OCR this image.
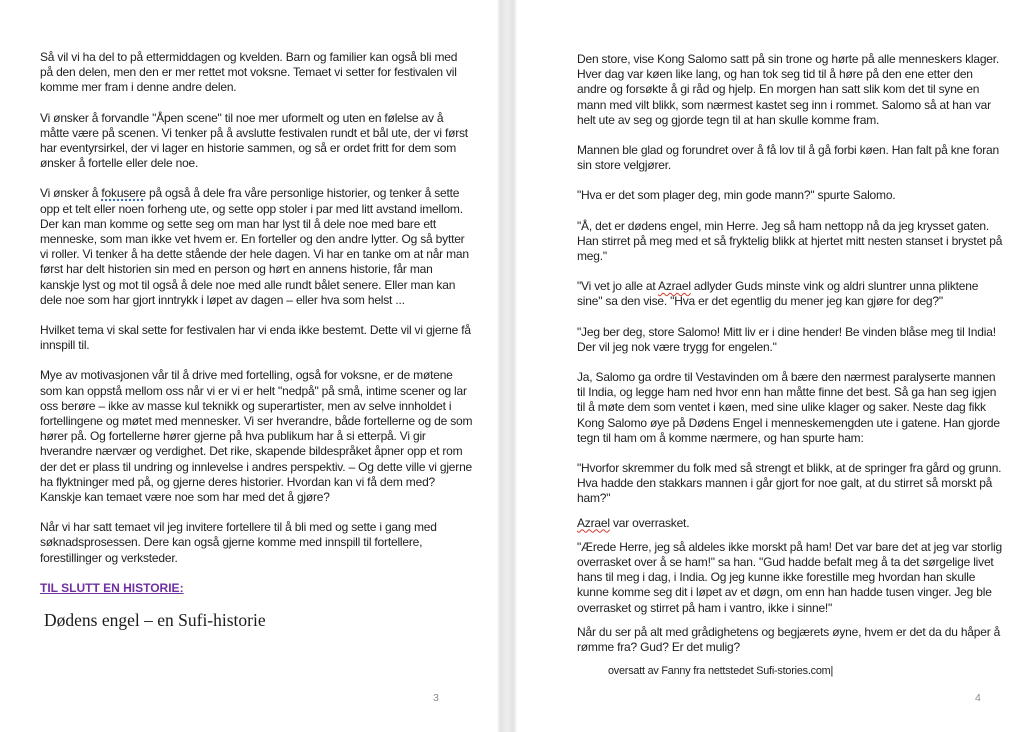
Så vil vi ha del to på ettermiddagen og kvelden. Barn og familier kan også bli med på den delen, men den er mer rettet mot voksne. Temaet vi setter for festivalen vil komme mer fram i denne andre delen.
Vi ønsker å forvandle "Åpen scene" til noe mer uformelt og uten en følelse av å måtte være på scenen. Vi tenker på å avslutte festivalen rundt et bål ute, der vi først har eventyrsirkel, der vi lager en historie sammen, og så er ordet fritt for dem som ønsker å fortelle eller dele noe.
Vi ønsker å fokusere på også å dele fra våre personlige historier, og tenker å sette opp et telt eller noen forheng ute, og sette opp stoler i par med litt avstand imellom. Der kan man komme og sette seg om man har lyst til å dele noe med bare ett menneske, som man ikke vet hvem er. En forteller og den andre lytter. Og så bytter vi roller. Vi tenker å ha dette stående der hele dagen. Vi har en tanke om at når man først har delt historien sin med en person og hørt en annens historie, får man kanskje lyst og mot til også å dele noe med alle rundt bålet senere. Eller man kan dele noe som har gjort inntrykk i løpet av dagen – eller hva som helst ...
Hvilket tema vi skal sette for festivalen har vi enda ikke bestemt. Dette vil vi gjerne få innspill til.
Mye av motivasjonen vår til å drive med fortelling, også for voksne, er de møtene som kan oppstå mellom oss når vi er vi er helt "nedpå" på små, intime scener og lar oss berøre – ikke av masse kul teknikk og superartister, men av selve innholdet i fortellingene og møtet med mennesker. Vi ser hverandre, både fortellerne og de som hører på. Og fortellerne hører gjerne på hva publikum har å si etterpå. Vi gir hverandre nærvær og verdighet. Det rike, skapende bildespråket åpner opp et rom der det er plass til undring og innlevelse i andres perspektiv. – Og dette ville vi gjerne ha flyktninger med på, og gjerne deres historier. Hvordan kan vi få dem med? Kanskje kan temaet være noe som har med det å gjøre?
Når vi har satt temaet vil jeg invitere fortellere til å bli med og sette i gang med søknadsprosessen. Dere kan også gjerne komme med innspill til fortellere, forestillinger og verksteder.
TIL SLUTT EN HISTORIE:
Dødens engel – en Sufi-historie
3
Den store, vise Kong Salomo satt på sin trone og hørte på alle menneskers klager. Hver dag var køen like lang, og han tok seg tid til å høre på den ene etter den andre og forsøkte å gi råd og hjelp. En morgen han satt slik kom det til syne en mann med vilt blikk, som nærmest kastet seg inn i rommet. Salomo så at han var helt ute av seg og gjorde tegn til at han skulle komme fram.
Mannen ble glad og forundret over å få lov til å gå forbi køen. Han falt på kne foran sin store velgjører.
"Hva er det som plager deg, min gode mann?" spurte Salomo.
"Å, det er dødens engel, min Herre. Jeg så ham nettopp nå da jeg krysset gaten. Han stirret på meg med et så fryktelig blikk at hjertet mitt nesten stanset i brystet på meg."
"Vi vet jo alle at Azrael adlyder Guds minste vink og aldri sluntrer unna pliktene sine" sa den vise. "Hva er det egentlig du mener jeg kan gjøre for deg?"
"Jeg ber deg, store Salomo! Mitt liv er i dine hender! Be vinden blåse meg til India! Der vil jeg nok være trygg for engelen."
Ja, Salomo ga ordre til Vestavinden om å bære den nærmest paralyserte mannen til India, og legge ham ned hvor enn han måtte finne det best. Så ga han seg igjen til å møte dem som ventet i køen, med sine ulike klager og saker. Neste dag fikk Kong Salomo øye på Dødens Engel i menneskemengden ute i gatene. Han gjorde tegn til ham om å komme nærmere, og han spurte ham:
"Hvorfor skremmer du folk med så strengt et blikk, at de springer fra gård og grunn.  Hva hadde den stakkars mannen i går gjort for noe galt, at du stirret så morskt på ham?"
Azrael var overrasket.
"Ærede Herre, jeg så aldeles ikke morskt på ham! Det var bare det at jeg var storlig overrasket over å se ham!" sa han. "Gud hadde befalt meg å ta det sørgelige livet hans til meg i dag, i India. Og jeg kunne ikke forestille meg hvordan han skulle kunne komme seg dit i løpet av et døgn, om enn han hadde tusen vinger. Jeg ble overrasket og stirret på ham i vantro, ikke i sinne!"
Når du ser på alt med grådighetens og begjærets øyne, hvem er det da du håper å rømme fra? Gud? Er det mulig?
oversatt av Fanny fra nettstedet Sufi-stories.com|
4
